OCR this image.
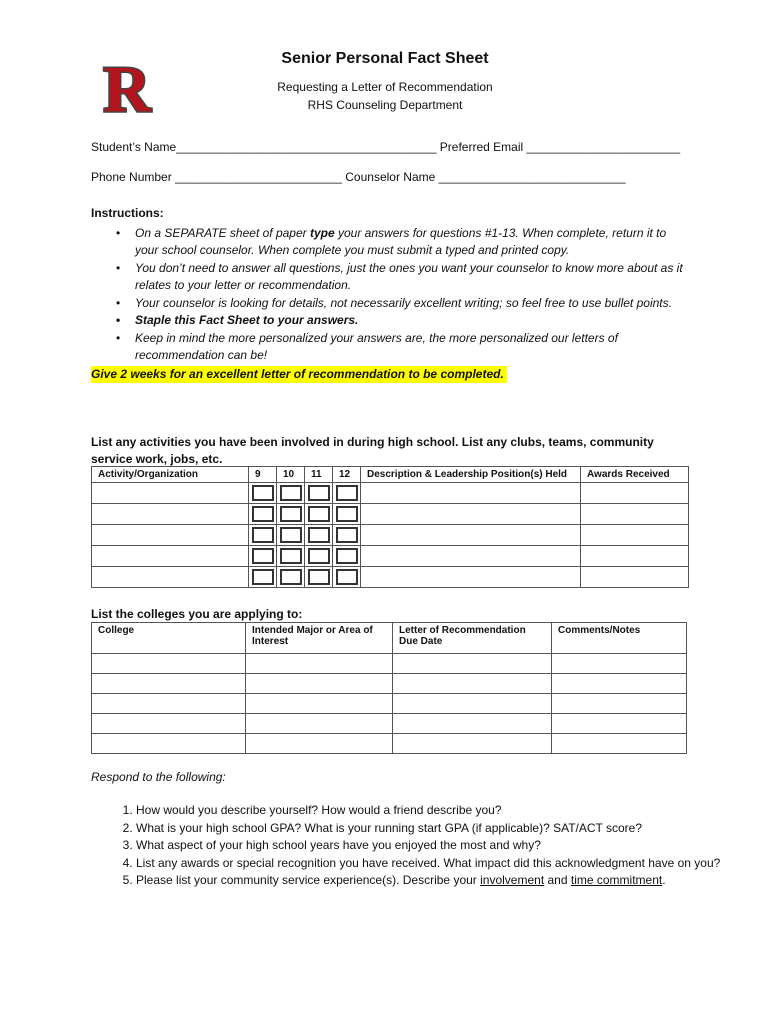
R	Senior Personal Fact Sheet
Requesting a Letter of Recommendation
RHS Counseling Department
Student’s Name_______________________________________ Preferred Email _______________________
Phone Number _________________________ Counselor Name ____________________________
Instructions:
• On a SEPARATE sheet of paper type your answers for questions #1-13. When complete, return it to your school counselor. When complete you must submit a typed and printed copy.
• You don’t need to answer all questions, just the ones you want your counselor to know more about as it relates to your letter or recommendation.
• Your counselor is looking for details, not necessarily excellent writing; so feel free to use bullet points.
• Staple this Fact Sheet to your answers.
• Keep in mind the more personalized your answers are, the more personalized our letters of recommendation can be!
Give 2 weeks for an excellent letter of recommendation to be completed.
List any activities you have been involved in during high school. List any clubs, teams, community service work, jobs, etc.
Activity/Organization	9	10	11	12	Description & Leadership Position(s) Held	Awards Received

List the colleges you are applying to:
College	Intended Major or Area of Interest	Letter of Recommendation Due Date	Comments/Notes

Respond to the following:
1. How would you describe yourself? How would a friend describe you?
2. What is your high school GPA? What is your running start GPA (if applicable)? SAT/ACT score?
3. What aspect of your high school years have you enjoyed the most and why?
4. List any awards or special recognition you have received. What impact did this acknowledgment have on you?
5. Please list your community service experience(s). Describe your involvement and time commitment.
